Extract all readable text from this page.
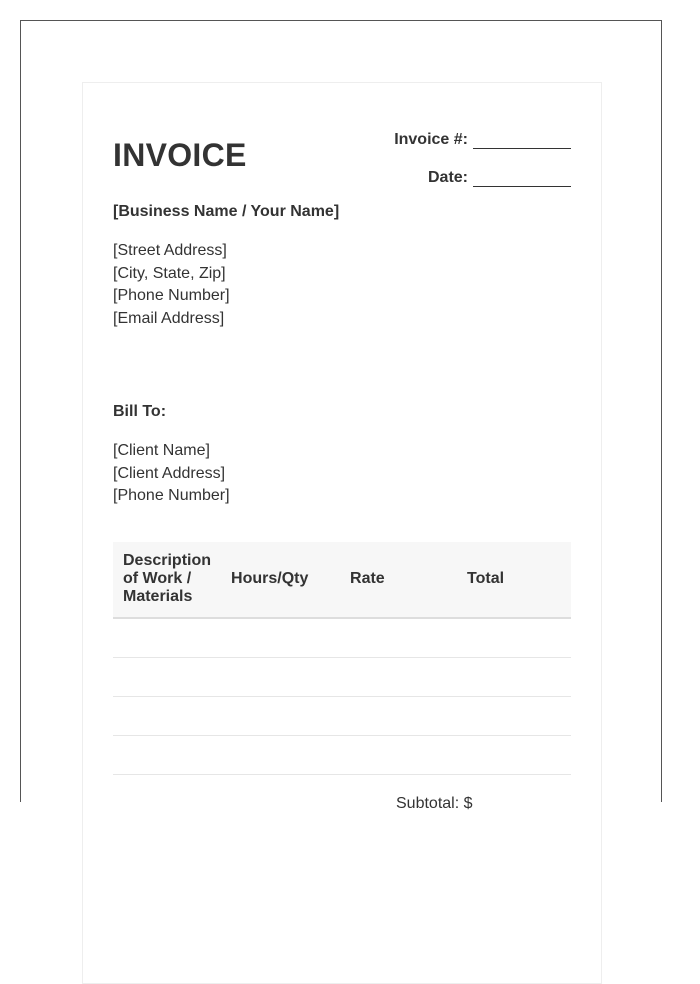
INVOICE	Invoice #:
Date:
[Business Name / Your Name]
[Street Address]
[City, State, Zip]
[Phone Number]
[Email Address]
Bill To:
[Client Name]
[Client Address]
[Phone Number]
Description of Work / Materials	Hours/Qty	Rate	Total

Subtotal: $
